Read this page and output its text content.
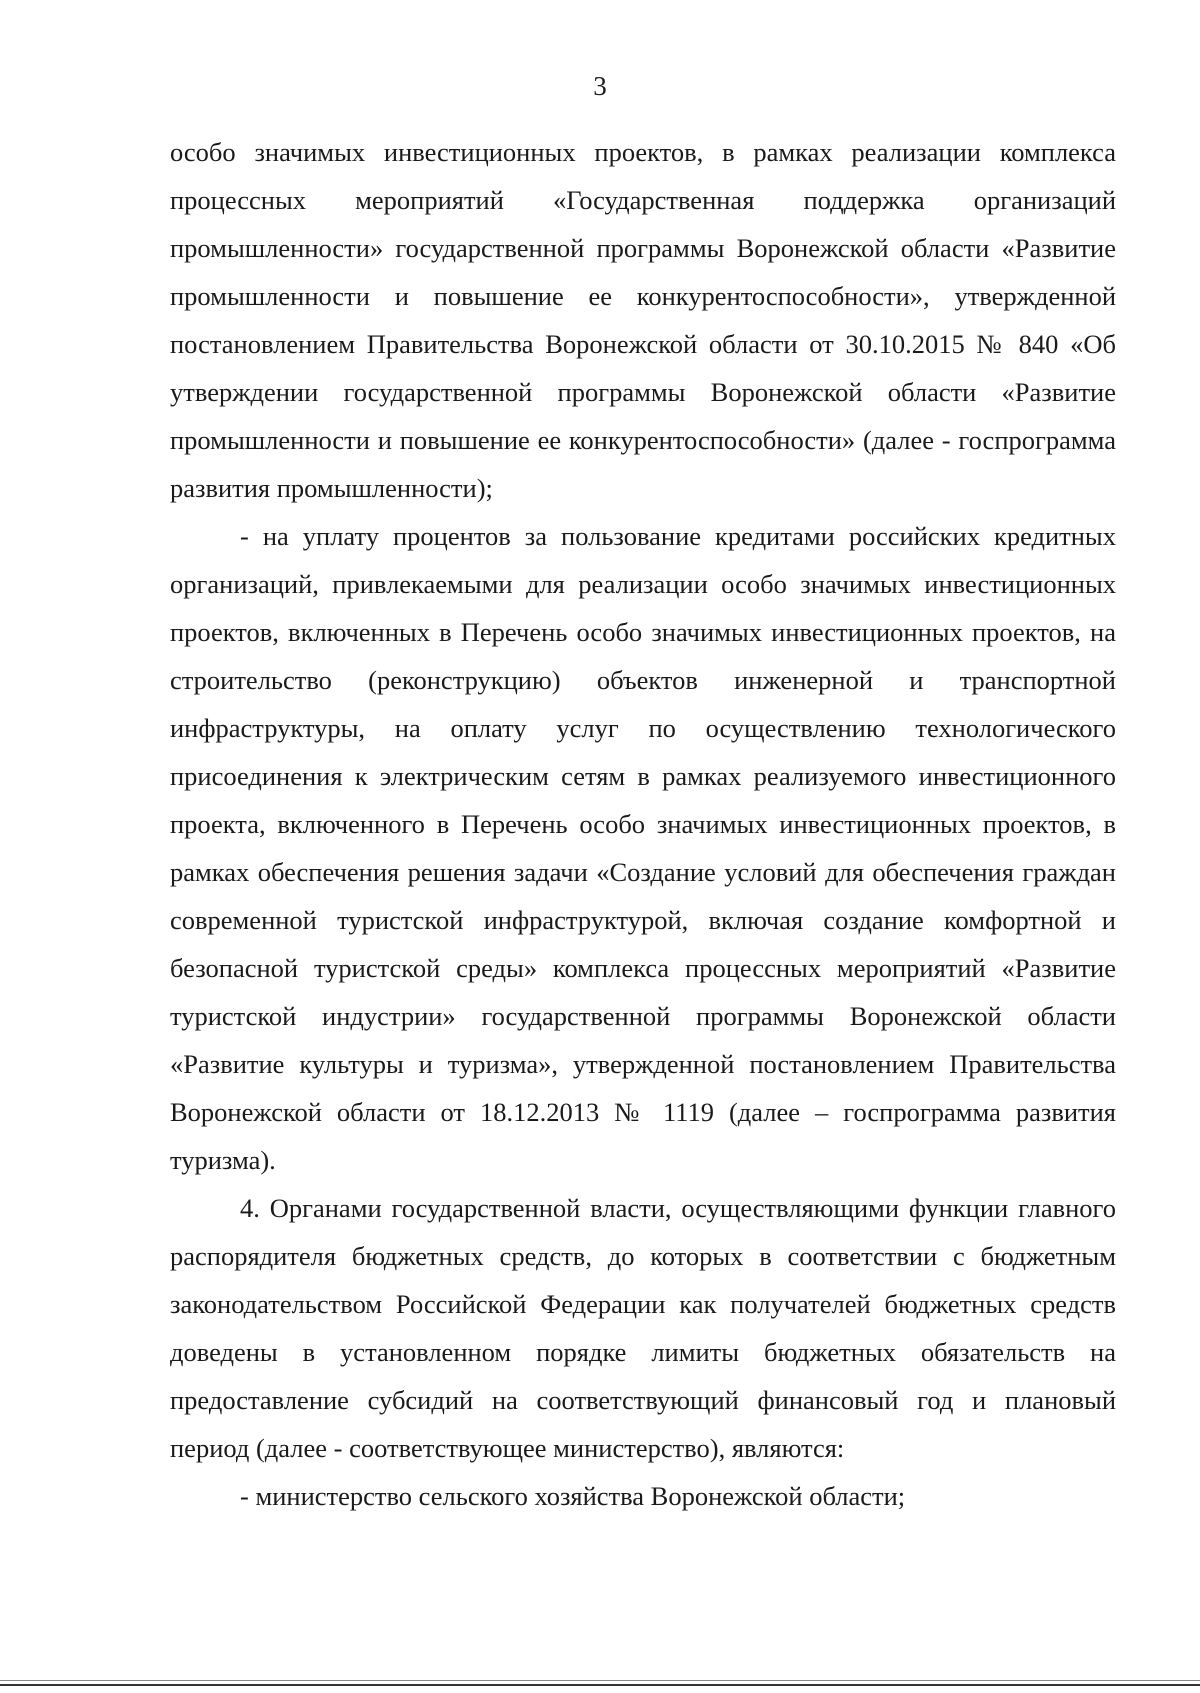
3

особо значимых инвестиционных проектов, в рамках реализации комплекса процессных мероприятий «Государственная поддержка организаций промышленности» государственной программы Воронежской области «Развитие промышленности и повышение ее конкурентоспособности», утвержденной постановлением Правительства Воронежской области от 30.10.2015 № 840 «Об утверждении государственной программы Воронежской области «Развитие промышленности и повышение ее конкурентоспособности» (далее - госпрограмма развития промышленности);

- на уплату процентов за пользование кредитами российских кредитных организаций, привлекаемыми для реализации особо значимых инвестиционных проектов, включенных в Перечень особо значимых инвестиционных проектов, на строительство (реконструкцию) объектов инженерной и транспортной инфраструктуры, на оплату услуг по осуществлению технологического присоединения к электрическим сетям в рамках реализуемого инвестиционного проекта, включенного в Перечень особо значимых инвестиционных проектов, в рамках обеспечения решения задачи «Создание условий для обеспечения граждан современной туристской инфраструктурой, включая создание комфортной и безопасной туристской среды» комплекса процессных мероприятий «Развитие туристской индустрии» государственной программы Воронежской области «Развитие культуры и туризма», утвержденной постановлением Правительства Воронежской области от 18.12.2013 № 1119 (далее – госпрограмма развития туризма).

4. Органами государственной власти, осуществляющими функции главного распорядителя бюджетных средств, до которых в соответствии с бюджетным законодательством Российской Федерации как получателей бюджетных средств доведены в установленном порядке лимиты бюджетных обязательств на предоставление субсидий на соответствующий финансовый год и плановый период (далее - соответствующее министерство), являются:

- министерство сельского хозяйства Воронежской области;
